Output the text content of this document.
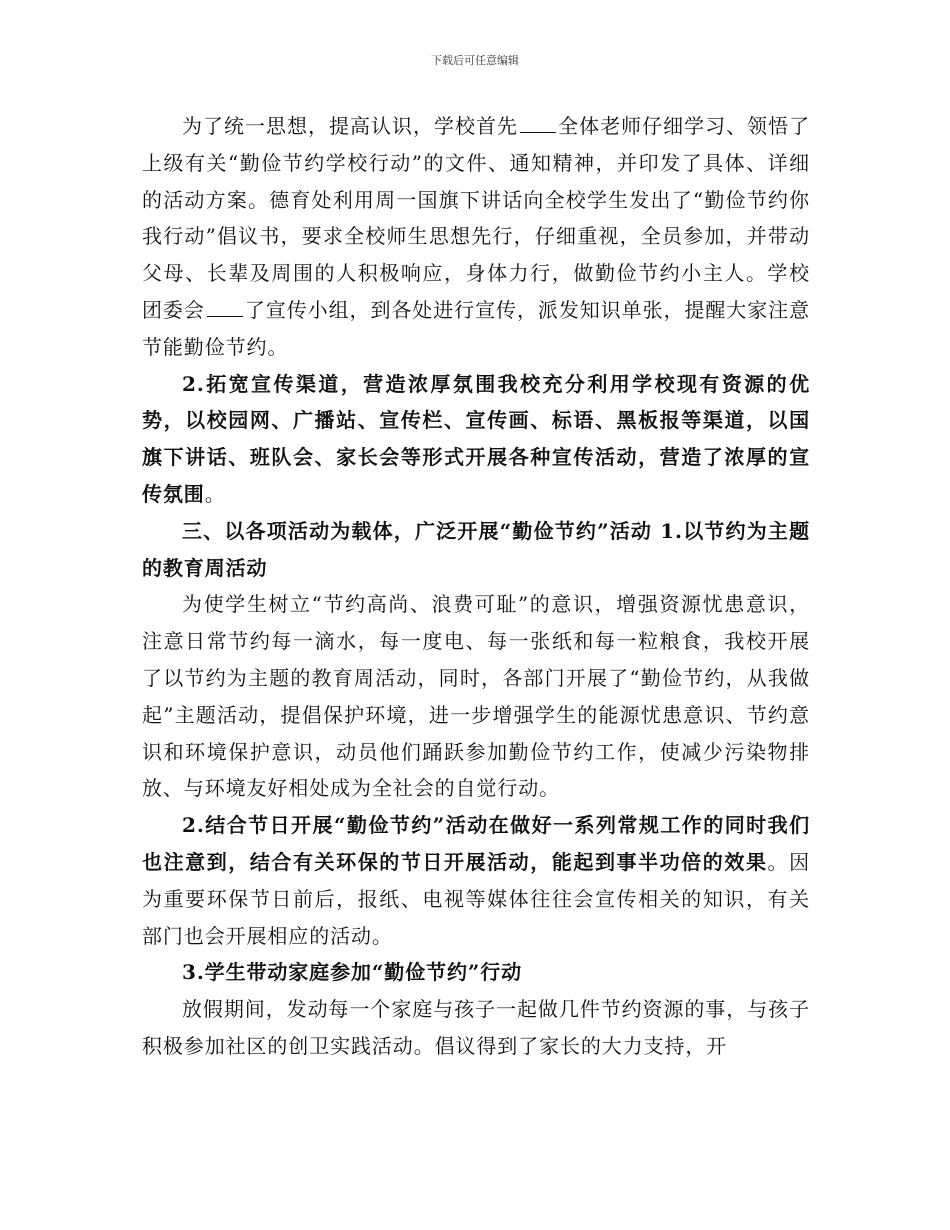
下载后可任意编辑

为了统一思想，提高认识，学校首先 全体老师仔细学习、领悟了上级有关“勤俭节约学校行动”的文件、通知精神，并印发了具体、详细的活动方案。德育处利用周一国旗下讲话向全校学生发出了“勤俭节约你我行动”倡议书，要求全校师生思想先行，仔细重视，全员参加，并带动父母、长辈及周围的人积极响应，身体力行，做勤俭节约小主人。学校团委会 了宣传小组，到各处进行宣传，派发知识单张，提醒大家注意节能勤俭节约。

2.拓宽宣传渠道，营造浓厚氛围我校充分利用学校现有资源的优势，以校园网、广播站、宣传栏、宣传画、标语、黑板报等渠道，以国旗下讲话、班队会、家长会等形式开展各种宣传活动，营造了浓厚的宣传氛围。

三、以各项活动为载体，广泛开展“勤俭节约”活动 1.以节约为主题的教育周活动

为使学生树立“节约高尚、浪费可耻”的意识，增强资源忧患意识，注意日常节约每一滴水，每一度电、每一张纸和每一粒粮食，我校开展了以节约为主题的教育周活动，同时，各部门开展了“勤俭节约，从我做起”主题活动，提倡保护环境，进一步增强学生的能源忧患意识、节约意识和环境保护意识，动员他们踊跃参加勤俭节约工作，使减少污染物排放、与环境友好相处成为全社会的自觉行动。

2.结合节日开展“勤俭节约”活动在做好一系列常规工作的同时我们也注意到，结合有关环保的节日开展活动，能起到事半功倍的效果。因为重要环保节日前后，报纸、电视等媒体往往会宣传相关的知识，有关部门也会开展相应的活动。

3.学生带动家庭参加“勤俭节约”行动

放假期间，发动每一个家庭与孩子一起做几件节约资源的事，与孩子积极参加社区的创卫实践活动。倡议得到了家长的大力支持，开
